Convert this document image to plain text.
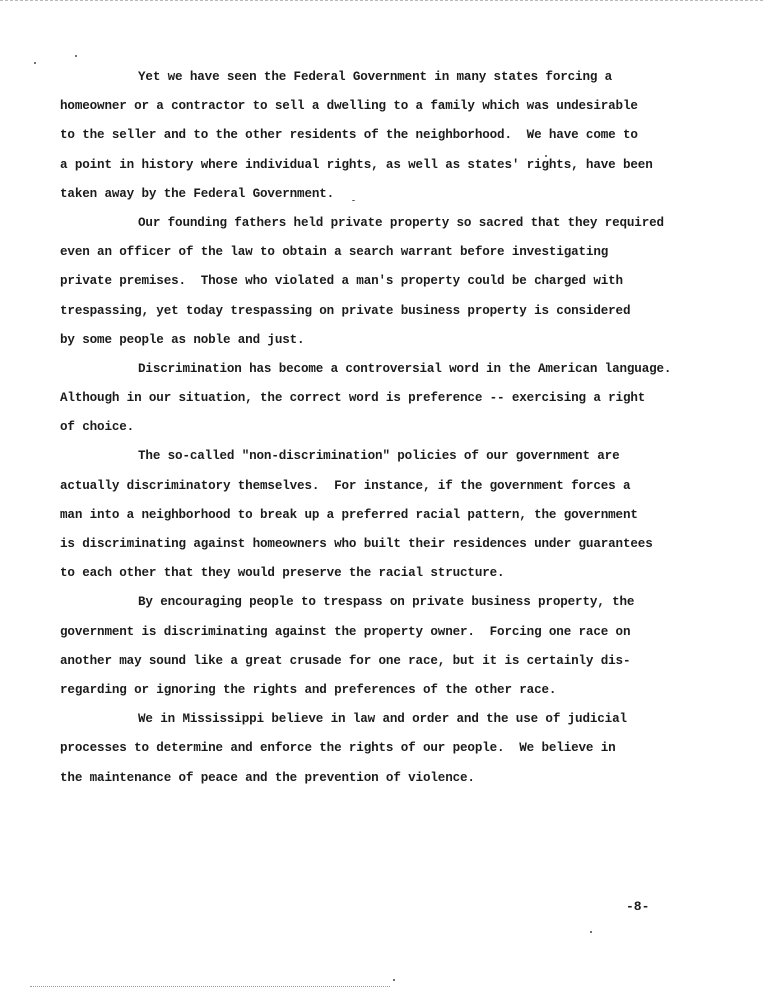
Yet we have seen the Federal Government in many states forcing a
homeowner or a contractor to sell a dwelling to a family which was undesirable
to the seller and to the other residents of the neighborhood.  We have come to
a point in history where individual rights, as well as states' rights, have been
taken away by the Federal Government.
Our founding fathers held private property so sacred that they required
even an officer of the law to obtain a search warrant before investigating
private premises.  Those who violated a man's property could be charged with
trespassing, yet today trespassing on private business property is considered
by some people as noble and just.
Discrimination has become a controversial word in the American language.
Although in our situation, the correct word is preference -- exercising a right
of choice.
The so-called "non-discrimination" policies of our government are
actually discriminatory themselves.  For instance, if the government forces a
man into a neighborhood to break up a preferred racial pattern, the government
is discriminating against homeowners who built their residences under guarantees
to each other that they would preserve the racial structure.
By encouraging people to trespass on private business property, the
government is discriminating against the property owner.  Forcing one race on
another may sound like a great crusade for one race, but it is certainly dis-
regarding or ignoring the rights and preferences of the other race.
We in Mississippi believe in law and order and the use of judicial
processes to determine and enforce the rights of our people.  We believe in
the maintenance of peace and the prevention of violence.
-8-
